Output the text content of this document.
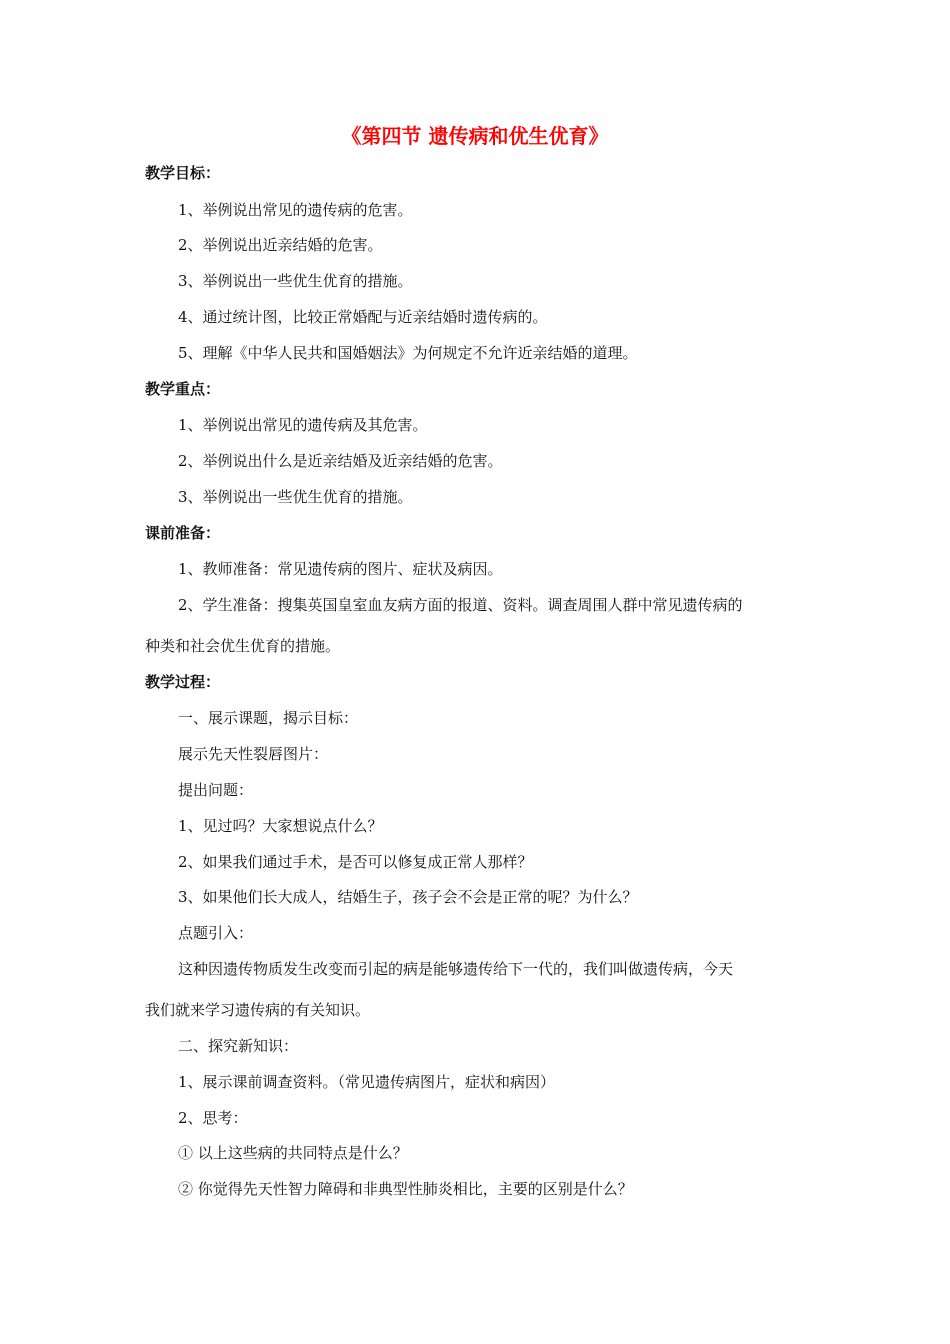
《第四节 遗传病和优生优育》
教学目标：
1、举例说出常见的遗传病的危害。
2、举例说出近亲结婚的危害。
3、举例说出一些优生优育的措施。
4、通过统计图，比较正常婚配与近亲结婚时遗传病的。
5、理解《中华人民共和国婚姻法》为何规定不允许近亲结婚的道理。
教学重点：
1、举例说出常见的遗传病及其危害。
2、举例说出什么是近亲结婚及近亲结婚的危害。
3、举例说出一些优生优育的措施。
课前准备：
1、教师准备：常见遗传病的图片、症状及病因。
2、学生准备：搜集英国皇室血友病方面的报道、资料。调查周围人群中常见遗传病的
种类和社会优生优育的措施。
教学过程：
一、展示课题，揭示目标：
展示先天性裂唇图片：
提出问题：
1、见过吗？大家想说点什么？
2、如果我们通过手术，是否可以修复成正常人那样？
3、如果他们长大成人，结婚生子，孩子会不会是正常的呢？为什么？
点题引入：
这种因遗传物质发生改变而引起的病是能够遗传给下一代的，我们叫做遗传病，今天
我们就来学习遗传病的有关知识。
二、探究新知识：
1、展示课前调查资料。（常见遗传病图片，症状和病因）
2、思考：
① 以上这些病的共同特点是什么？
② 你觉得先天性智力障碍和非典型性肺炎相比，主要的区别是什么？
